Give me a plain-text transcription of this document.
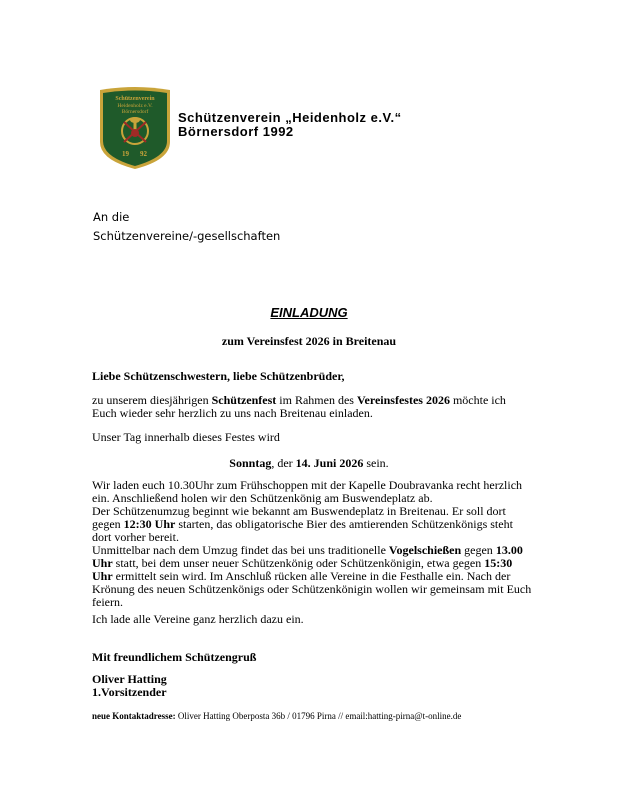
Schützenverein
Heidenholz e.V.
Börnersdorf
19 92
Schützenverein „Heidenholz e.V.“
Börnersdorf 1992
An die
Schützenvereine/-gesellschaften
EINLADUNG
zum Vereinsfest 2026 in Breitenau
Liebe Schützenschwestern, liebe Schützenbrüder,
zu unserem diesjährigen Schützenfest im Rahmen des Vereinsfestes 2026 möchte ich Euch wieder sehr herzlich zu uns nach Breitenau einladen.
Unser Tag innerhalb dieses Festes wird
Sonntag, der 14. Juni 2026 sein.
Wir laden euch 10.30Uhr zum Frühschoppen mit der Kapelle Doubravanka recht herzlich ein. Anschließend holen wir den Schützenkönig am Buswendeplatz ab.
Der Schützenumzug beginnt wie bekannt am Buswendeplatz in Breitenau. Er soll dort gegen 12:30 Uhr starten, das obligatorische Bier des amtierenden Schützenkönigs steht dort vorher bereit.
Unmittelbar nach dem Umzug findet das bei uns traditionelle Vogelschießen gegen 13.00 Uhr statt, bei dem unser neuer Schützenkönig oder Schützenkönigin, etwa gegen 15:30 Uhr ermittelt sein wird. Im Anschluß rücken alle Vereine in die Festhalle ein. Nach der Krönung des neuen Schützenkönigs oder Schützenkönigin wollen wir gemeinsam mit Euch feiern.
Ich lade alle Vereine ganz herzlich dazu ein.
Mit freundlichem Schützengruß
Oliver Hatting
1.Vorsitzender
neue Kontaktadresse: Oliver Hatting Oberposta 36b / 01796 Pirna // email:hatting-pirna@t-online.de
